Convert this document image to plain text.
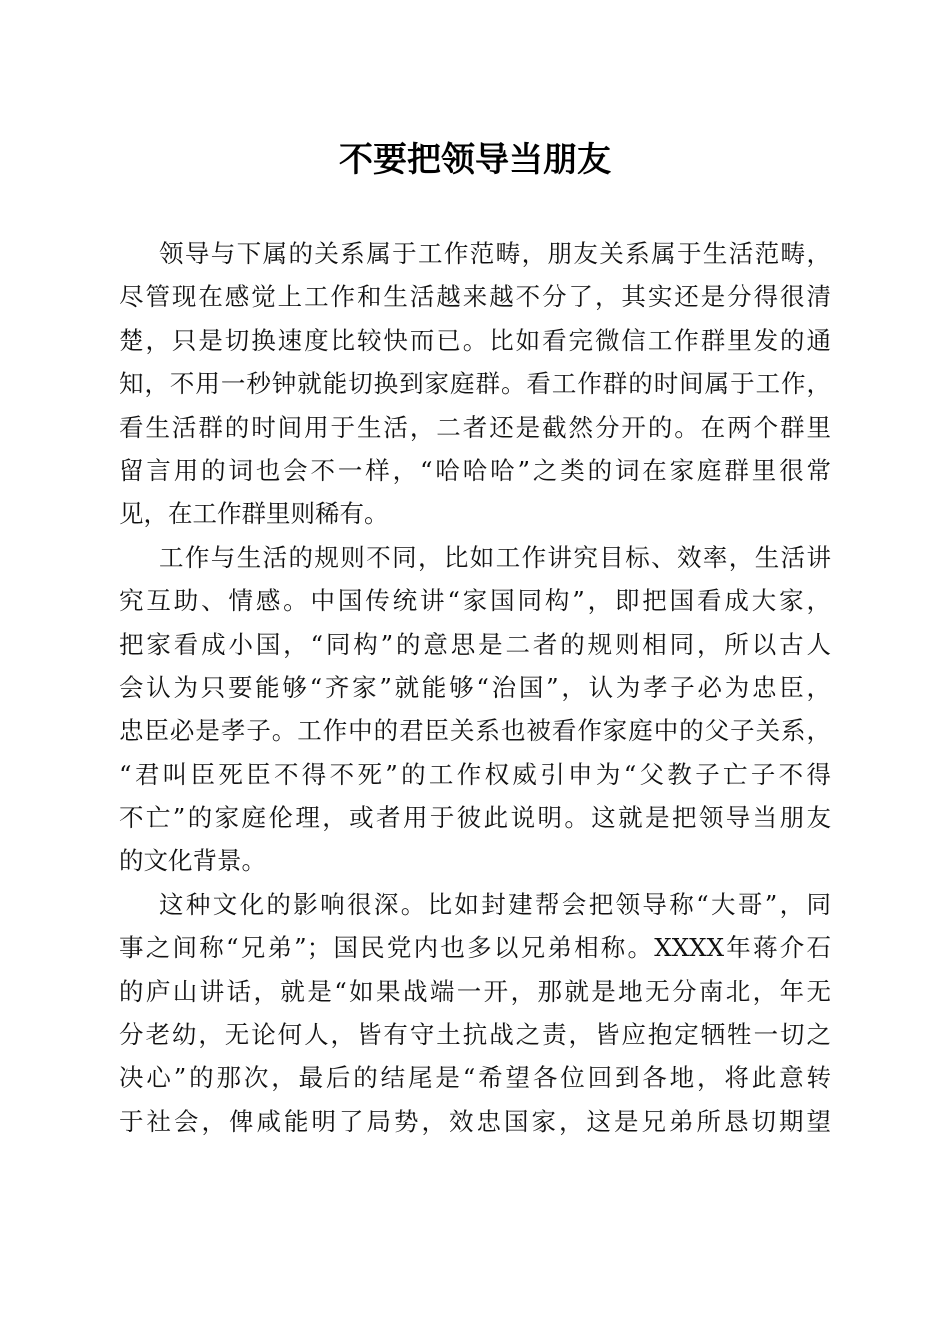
不要把领导当朋友
领导与下属的关系属于工作范畴，朋友关系属于生活范畴，
尽管现在感觉上工作和生活越来越不分了，其实还是分得很清
楚，只是切换速度比较快而已。比如看完微信工作群里发的通
知，不用一秒钟就能切换到家庭群。看工作群的时间属于工作，
看生活群的时间用于生活，二者还是截然分开的。在两个群里
留言用的词也会不一样，“哈哈哈”之类的词在家庭群里很常
见，在工作群里则稀有。
工作与生活的规则不同，比如工作讲究目标、效率，生活讲
究互助、情感。中国传统讲“家国同构”，即把国看成大家，
把家看成小国，“同构”的意思是二者的规则相同，所以古人
会认为只要能够“齐家”就能够“治国”，认为孝子必为忠臣，
忠臣必是孝子。工作中的君臣关系也被看作家庭中的父子关系，
“君叫臣死臣不得不死”的工作权威引申为“父教子亡子不得
不亡”的家庭伦理，或者用于彼此说明。这就是把领导当朋友
的文化背景。
这种文化的影响很深。比如封建帮会把领导称“大哥”，同
事之间称“兄弟”；国民党内也多以兄弟相称。XXXX年蒋介石
的庐山讲话，就是“如果战端一开，那就是地无分南北，年无
分老幼，无论何人，皆有守土抗战之责，皆应抱定牺牲一切之
决心”的那次，最后的结尾是“希望各位回到各地，将此意转
于社会，俾咸能明了局势，效忠国家，这是兄弟所恳切期望
